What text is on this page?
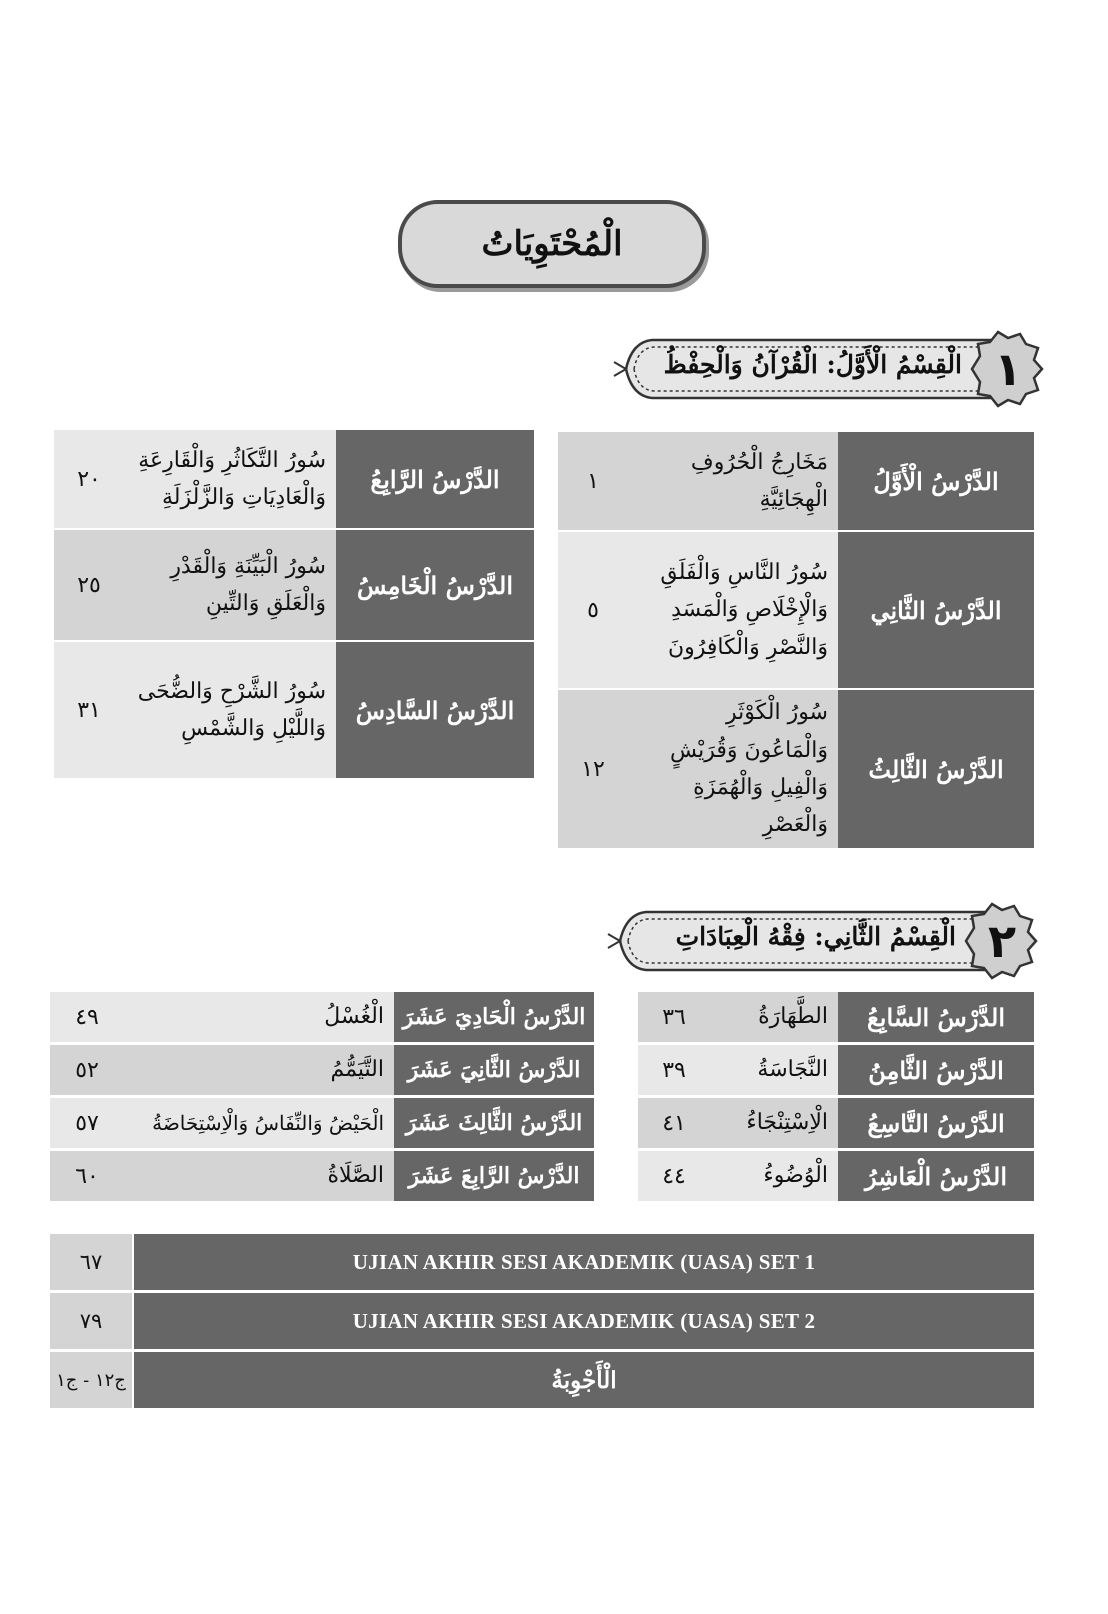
الْمُحْتَوِيَاتُ
١
الْقِسْمُ الْأَوَّلُ: الْقُرْآنُ وَالْحِفْظُ
الدَّرْسُ الْأَوَّلُ
مَخَارِجُ الْحُرُوفِ الْهِجَائِيَّةِ
١
الدَّرْسُ الثَّانِي
سُورُ النَّاسِ وَالْفَلَقِ وَالْإِخْلَاصِ وَالْمَسَدِ وَالنَّصْرِ وَالْكَافِرُونَ
٥
الدَّرْسُ الثَّالِثُ
سُورُ الْكَوْثَرِ وَالْمَاعُونَ وَقُرَيْشٍ وَالْفِيلِ وَالْهُمَزَةِ وَالْعَصْرِ
١٢
الدَّرْسُ الرَّابِعُ
سُورُ التَّكَاثُرِ وَالْقَارِعَةِ وَالْعَادِيَاتِ وَالزَّلْزَلَةِ
٢٠
الدَّرْسُ الْخَامِسُ
سُورُ الْبَيِّنَةِ وَالْقَدْرِ وَالْعَلَقِ وَالتِّينِ
٢٥
الدَّرْسُ السَّادِسُ
سُورُ الشَّرْحِ وَالضُّحَى وَاللَّيْلِ وَالشَّمْسِ
٣١
٢
الْقِسْمُ الثَّانِي: فِقْهُ الْعِبَادَاتِ
الدَّرْسُ السَّابِعُ
الطَّهَارَةُ
٣٦
الدَّرْسُ الثَّامِنُ
النَّجَاسَةُ
٣٩
الدَّرْسُ التَّاسِعُ
الْاِسْتِنْجَاءُ
٤١
الدَّرْسُ الْعَاشِرُ
الْوُضُوءُ
٤٤
الدَّرْسُ الْحَادِيَ عَشَرَ
الْغُسْلُ
٤٩
الدَّرْسُ الثَّانِيَ عَشَرَ
التَّيَمُّمُ
٥٢
الدَّرْسُ الثَّالِثَ عَشَرَ
الْحَيْضُ وَالنِّفَاسُ وَالْاِسْتِحَاضَةُ
٥٧
الدَّرْسُ الرَّابِعَ عَشَرَ
الصَّلَاةُ
٦٠
UJIAN AKHIR SESI AKADEMIK (UASA) SET 1
٦٧
UJIAN AKHIR SESI AKADEMIK (UASA) SET 2
٧٩
الْأَجْوِبَةُ
ج١٢ - ج١
